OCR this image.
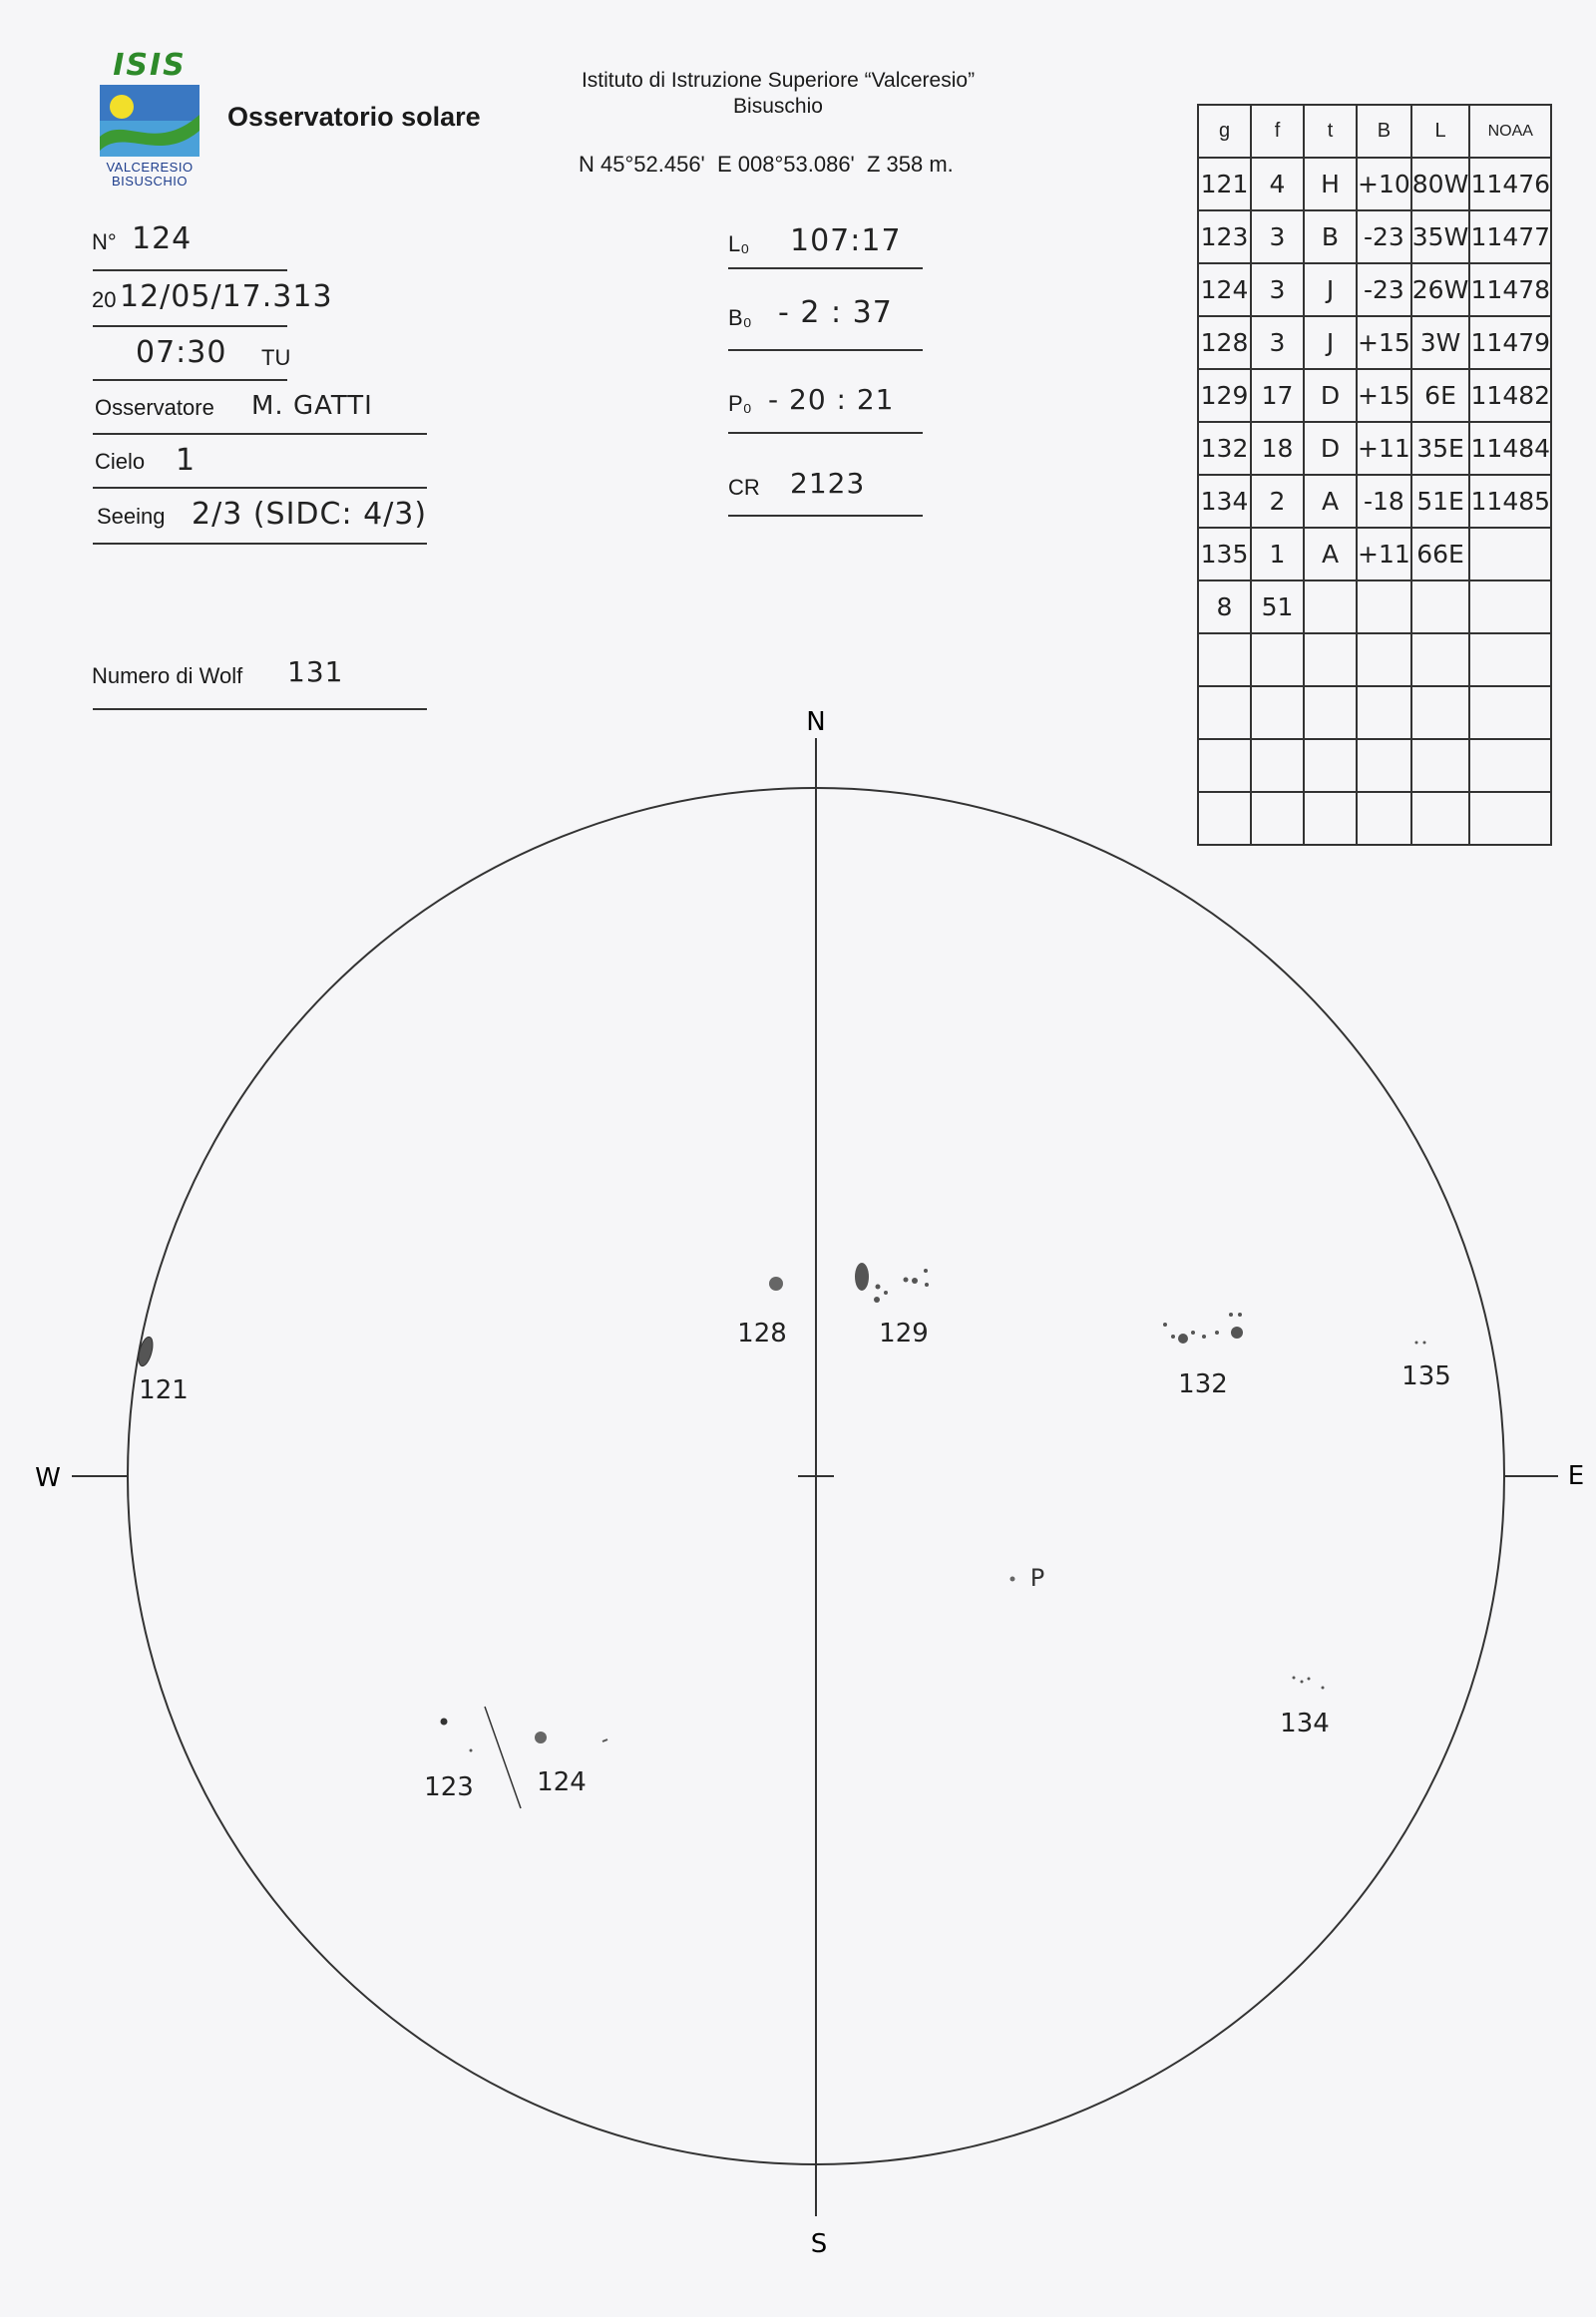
ISIS
VALCERESIO
BISUSCHIO
Osservatorio solare
Istituto di Istruzione Superiore “Valceresio”
Bisuschio
N 45°52.456'  E 008°53.086'  Z 358 m.
N° 124
20 12/05/17.313
07:30 TU
Osservatore M. GATTI
Cielo 1
Seeing 2/3 (SIDC: 4/3)
Numero di Wolf 131
L₀ 107:17
B₀ - 2 : 37
P₀ - 20 : 21
CR 2123
g	f	t	B	L	NOAA
121	4	H	+10	80W	11476
123	3	B	-23	35W	11477
124	3	J	-23	26W	11478
128	3	J	+15	3W	11479
129	17	D	+15	6E	11482
132	18	D	+11	35E	11484
134	2	A	-18	51E	11485
135	1	A	+11	66E	
8	51				

N
S
W	E
121
128	129
132	135
P
134
123 124
